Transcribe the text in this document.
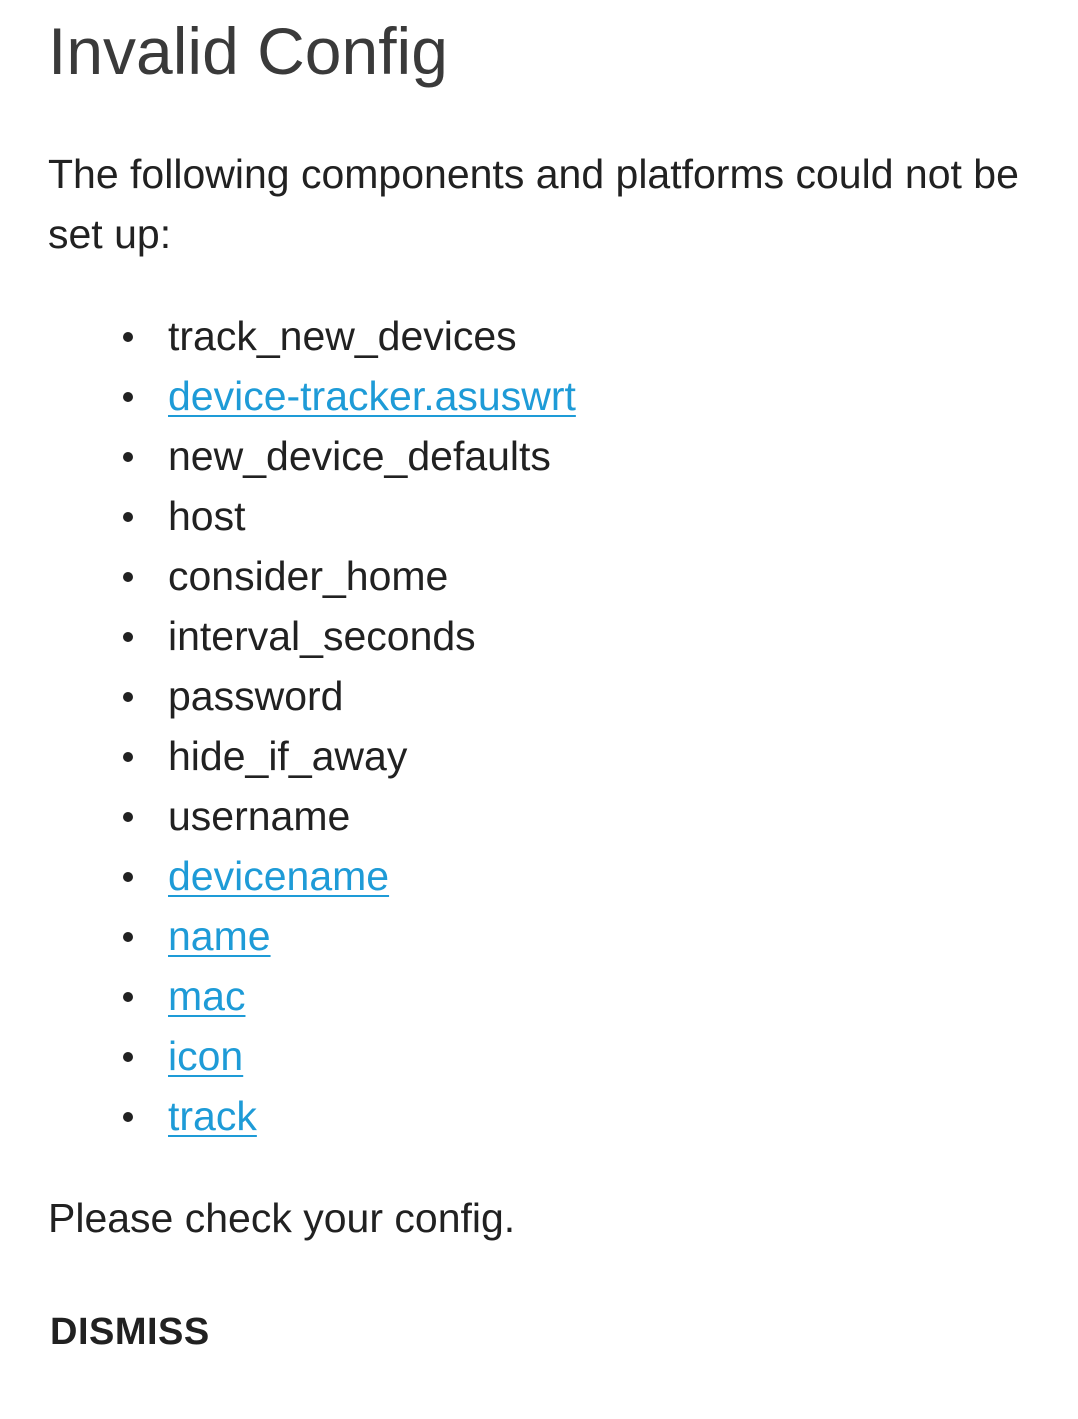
Invalid Config

The following components and platforms could not be set up:

track_new_devices
device-tracker.asuswrt
new_device_defaults
host
consider_home
interval_seconds
password
hide_if_away
username
devicename
name
mac
icon
track

Please check your config.

DISMISS
